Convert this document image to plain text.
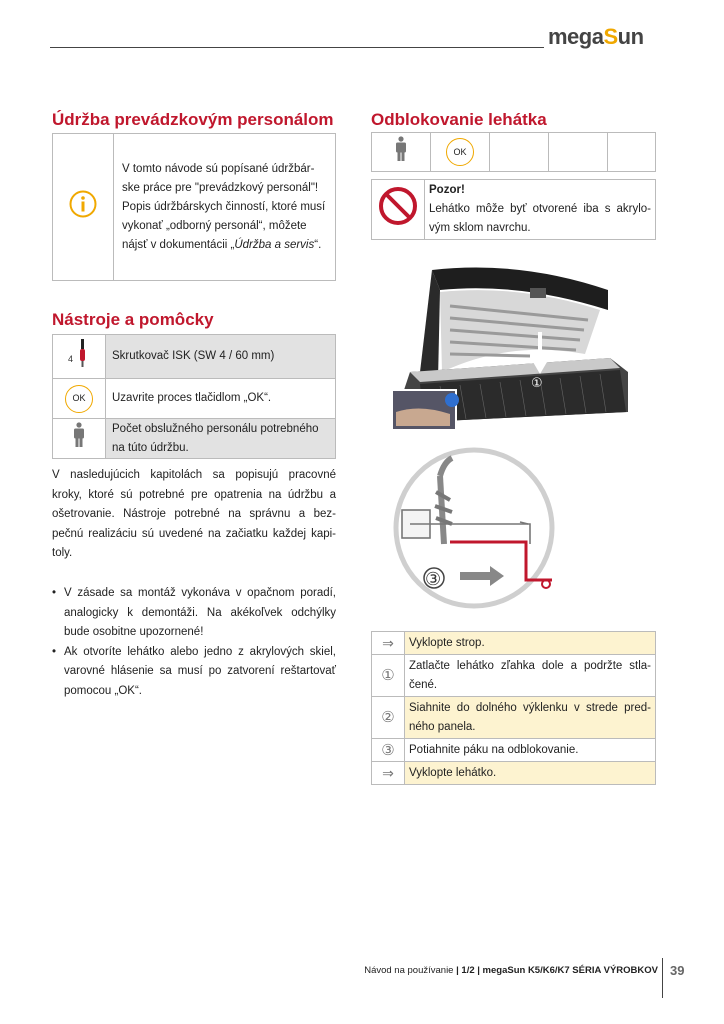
megaSun
Údržba prevádzkovým personálom

V tomto návode sú popísané údržbár-
ske práce pre "prevádzkový personál"!
Popis údržbárskych činností, ktoré musí
vykonať „odborný personál“, môžete
nájsť v dokumentácii „Údržba a servis“.
Nástroje a pomôcky
4	Skrutkovač ISK (SW 4 / 60 mm)

OK	Uzavrite proces tlačidlom „OK“.

Počet obslužného personálu potrebného
na túto údržbu.
V nasledujúcich kapitolách sa popisujú pracovné
kroky, ktoré sú potrebné pre opatrenia na údržbu a
ošetrovanie. Nástroje potrebné na správnu a bez-
pečnú realizáciu sú uvedené na začiatku každej kapi-
toly.
• V zásade sa montáž vykonáva v opačnom poradí,
analogicky k demontáži. Na akékoľvek odchýlky
bude osobitne upozornené!
• Ak otvoríte lehátko alebo jedno z akrylových skiel,
varovné hlásenie sa musí po zatvorení reštartovať
pomocou „OK“.
Odblokovanie lehátka

OK

Pozor!
Lehátko môže byť otvorené iba s akrylo-
vým sklom navrchu.
①
②
③
⇒	Vyklopte strop.
①	Zatlačte lehátko zľahka dole a podržte stla-
čené.

②	Siahnite do dolného výklenku v strede pred-
ného panela.

③	Potiahnite páku na odblokovanie.
⇒	Vyklopte lehátko.
Návod na používanie | 1/2 | megaSun K5/K6/K7 SÉRIA VÝROBKOV 39
